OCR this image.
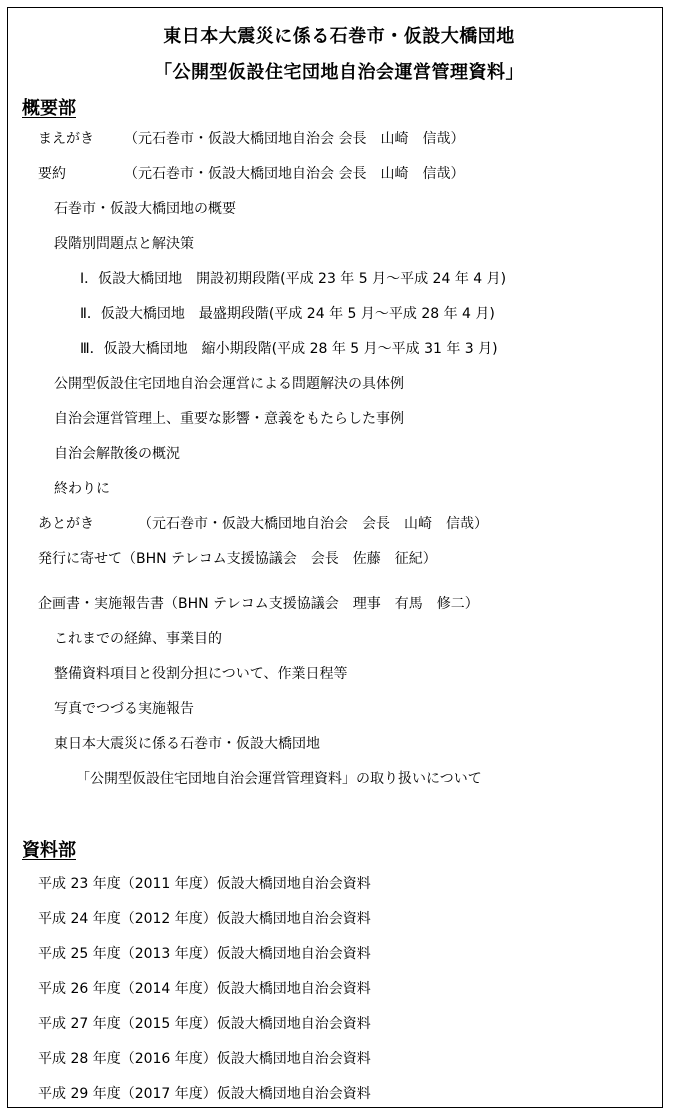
東日本大震災に係る石巻市・仮設大橋団地
「公開型仮設住宅団地自治会運営管理資料」
概要部
まえがき （元石巻市・仮設大橋団地自治会 会長　山崎　信哉）
要約	（元石巻市・仮設大橋団地自治会 会長　山崎　信哉）
石巻市・仮設大橋団地の概要
段階別問題点と解決策
Ⅰ．仮設大橋団地　開設初期段階(平成 23 年 5 月～平成 24 年 4 月)
Ⅱ．仮設大橋団地　最盛期段階(平成 24 年 5 月～平成 28 年 4 月)
Ⅲ．仮設大橋団地　縮小期段階(平成 28 年 5 月～平成 31 年 3 月)
公開型仮設住宅団地自治会運営による問題解決の具体例
自治会運営管理上、重要な影響・意義をもたらした事例
自治会解散後の概況
終わりに
あとがき	（元石巻市・仮設大橋団地自治会　会長　山崎　信哉）
発行に寄せて（BHN テレコム支援協議会　会長　佐藤　征紀）
企画書・実施報告書（BHN テレコム支援協議会　理事　有馬　修二）
これまでの経緯、事業目的
整備資料項目と役割分担について、作業日程等
写真でつづる実施報告
東日本大震災に係る石巻市・仮設大橋団地
「公開型仮設住宅団地自治会運営管理資料」の取り扱いについて
資料部
平成 23 年度（2011 年度）仮設大橋団地自治会資料
平成 24 年度（2012 年度）仮設大橋団地自治会資料
平成 25 年度（2013 年度）仮設大橋団地自治会資料
平成 26 年度（2014 年度）仮設大橋団地自治会資料
平成 27 年度（2015 年度）仮設大橋団地自治会資料
平成 28 年度（2016 年度）仮設大橋団地自治会資料
平成 29 年度（2017 年度）仮設大橋団地自治会資料
